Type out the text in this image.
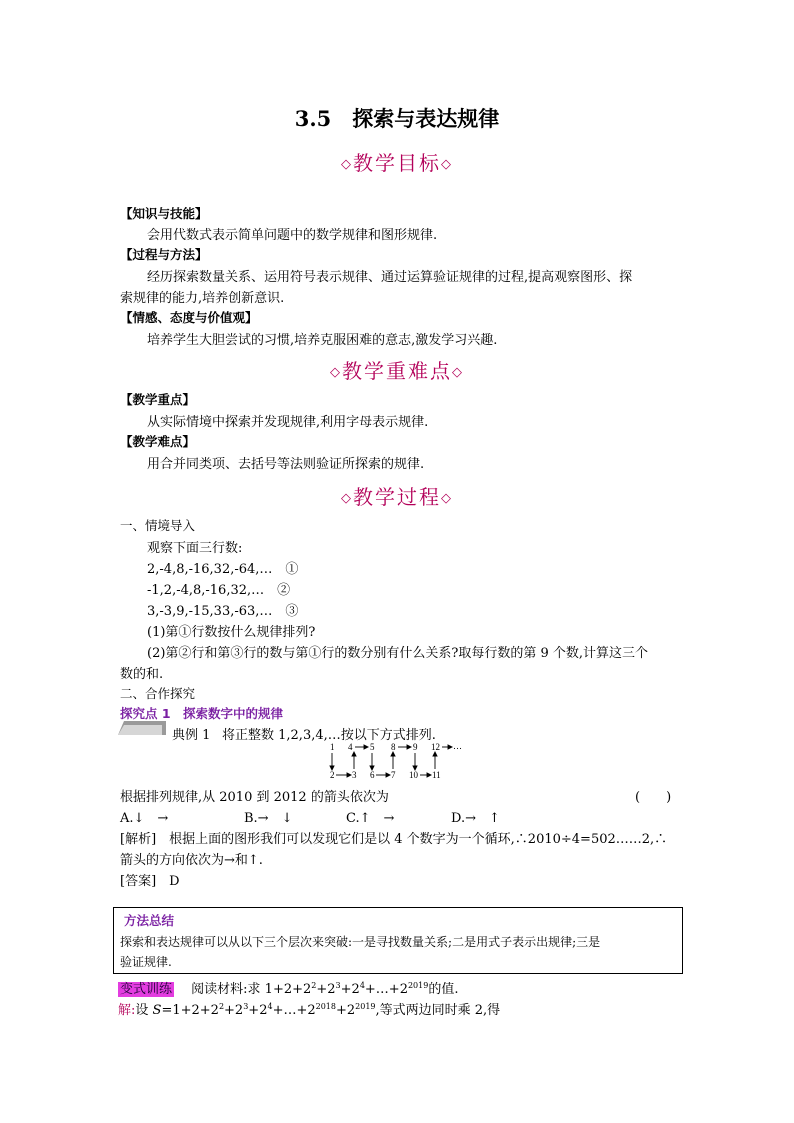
3.5　探索与表达规律
◇教学目标◇
【知识与技能】
会用代数式表示简单问题中的数学规律和图形规律.
【过程与方法】
经历探索数量关系、运用符号表示规律、通过运算验证规律的过程,提高观察图形、探
索规律的能力,培养创新意识.
【情感、态度与价值观】
培养学生大胆尝试的习惯,培养克服困难的意志,激发学习兴趣.
◇教学重难点◇
【教学重点】
从实际情境中探索并发现规律,利用字母表示规律.
【教学难点】
用合并同类项、去括号等法则验证所探索的规律.
◇教学过程◇
一、情境导入
观察下面三行数:
2,-4,8,-16,32,-64,…　①
-1,2,-4,8,-16,32,…　②
3,-3,9,-15,33,-63,…　③
(1)第①行数按什么规律排列?
(2)第②行和第③行的数与第①行的数分别有什么关系?取每行数的第 9 个数,计算这三个
数的和.
二、合作探究
探究点 1　探索数字中的规律
典例 1 将正整数 1,2,3,4,…按以下方式排列.
1 4 5 8 9 12 …
2 3 6 7 10 11
根据排列规律,从 2010 到 2012 的箭头依次为	(　　)
A.↓　→	B.→　↓	C.↑　→	D.→　↑
[解析]　根据上面的图形我们可以发现它们是以 4 个数字为一个循环,∴2010÷4=502……2,∴
箭头的方向依次为→和↑.
[答案]　D
方法总结
探索和表达规律可以从以下三个层次来突破:一是寻找数量关系;二是用式子表示出规律;三是
验证规律.
变式训练 　阅读材料:求 $1+2+2^2+2^3+2^4+\dots+2^{2019}$的值.
解:设 $S=1+2+2^2+2^3+2^4+\dots+2^{2018}+2^{2019}$,等式两边同时乘 2,得
